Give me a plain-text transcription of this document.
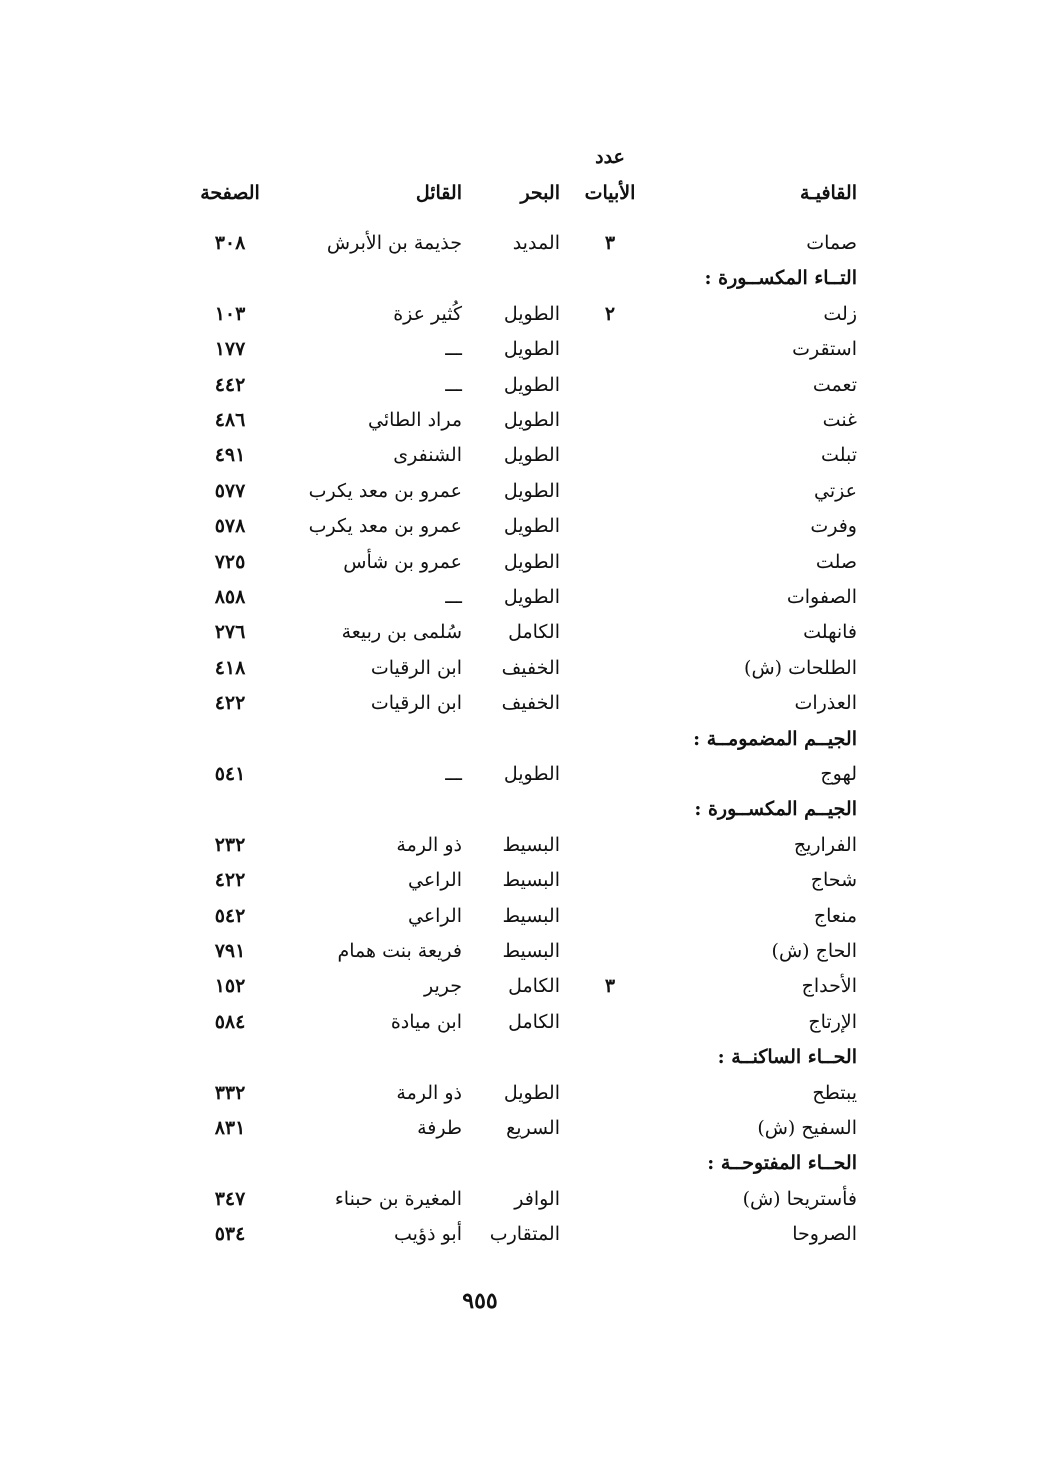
عدد
القافيـة
الأبيات
البحر
القائل
الصفحة
صمات
٣
المديد
جذيمة بن الأبرش
٣٠٨
التــاء المكســورة :
زلت
٢
الطويل
كُثير عزة
١٠٣
استقرت
الطويل
ـــ
١٧٧
تعمت
الطويل
ـــ
٤٤٢
غنت
الطويل
مراد الطائي
٤٨٦
تبلت
الطويل
الشنفرى
٤٩١
عزتي
الطويل
عمرو بن معد يكرب
٥٧٧
وفرت
الطويل
عمرو بن معد يكرب
٥٧٨
صلت
الطويل
عمرو بن شأس
٧٢٥
الصفوات
الطويل
ـــ
٨٥٨
فانهلت
الكامل
سُلمى بن ربيعة
٢٧٦
الطلحات (ش)
الخفيف
ابن الرقيات
٤١٨
العذرات
الخفيف
ابن الرقيات
٤٢٢
الجيــم المضمومــة :
لهوج
الطويل
ـــ
٥٤١
الجيــم المكســورة :
الفراريج
البسيط
ذو الرمة
٢٣٢
شحاج
البسيط
الراعي
٤٢٢
منعاج
البسيط
الراعي
٥٤٢
الحاج (ش)
البسيط
فريعة بنت همام
٧٩١
الأحداج
٣
الكامل
جرير
١٥٢
الإرتاج
الكامل
ابن ميادة
٥٨٤
الحــاء الساكنــة :
يبتطح
الطويل
ذو الرمة
٣٣٢
السفيح (ش)
السريع
طرفة
٨٣١
الحــاء المفتوحــة :
فأستريحا (ش)
الوافر
المغيرة بن حبناء
٣٤٧
الصروحا
المتقارب
أبو ذؤيب
٥٣٤
٩٥٥
